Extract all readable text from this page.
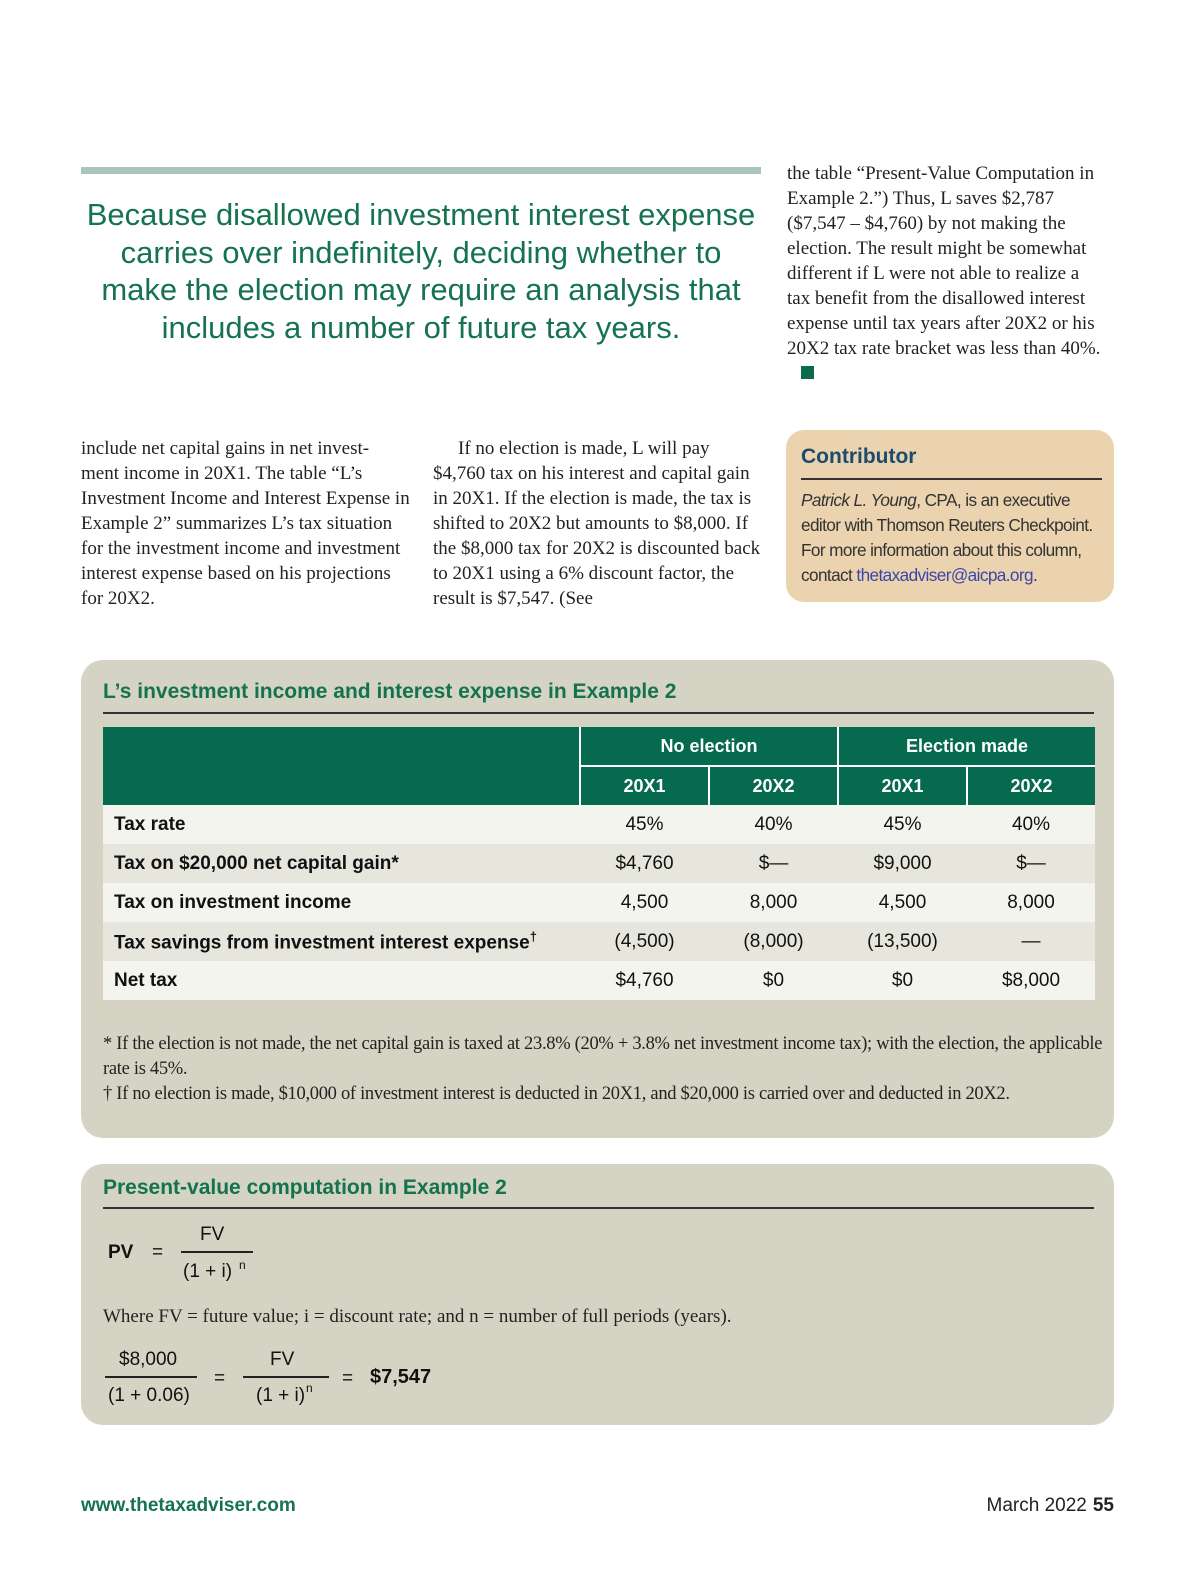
Because disallowed investment interest expense carries over indefinitely, deciding whether to make the election may require an analysis that includes a number of future tax years.

include net capital gains in net invest- ment income in 20X1. The table “L’s Investment Income and Interest Expense in Example 2” summarizes L’s tax situation for the investment income and investment interest expense based on his projections for 20X2.

If no election is made, L will pay $4,760 tax on his interest and capital gain in 20X1. If the election is made, the tax is shifted to 20X2 but amounts to $8,000. If the $8,000 tax for 20X2 is discounted back to 20X1 using a 6% discount factor, the result is $7,547. (See

the table “Present-Value Computation in Example 2.”) Thus, L saves $2,787 ($7,547 – $4,760) by not making the election. The result might be somewhat different if L were not able to realize a tax benefit from the disallowed interest expense until tax years after 20X2 or his 20X2 tax rate bracket was less than 40%.

Contributor
Patrick L. Young, CPA, is an executive editor with Thomson Reuters Checkpoint. For more information about this column, contact thetaxadviser@aicpa.org.
L’s investment income and interest expense in Example 2
	No election		Election made	
	20X1	20X2	20X1	20X2
Tax rate	45%	40%	45%	40%
Tax on $20,000 net capital gain*	$4,760	$—	$9,000	$—
Tax on investment income	4,500	8,000	4,500	8,000
Tax savings from investment interest expense†	(4,500)	(8,000)	(13,500)	—
Net tax	$4,760	$0	$0	$8,000

* If the election is not made, the net capital gain is taxed at 23.8% (20% + 3.8% net investment income tax); with the election, the applicable rate is 45%.

† If no election is made, $10,000 of investment interest is deducted in 20X1, and $20,000 is carried over and deducted in 20X2.

Present-value computation in Example 2
PV =
FV
(1 + i) n
Where FV = future value; i = discount rate; and n = number of full periods (years).
$8,000
(1 + 0.06)
=
FV
(1 + i) n = $7,547
www.thetaxadviser.com	March 2022 55
